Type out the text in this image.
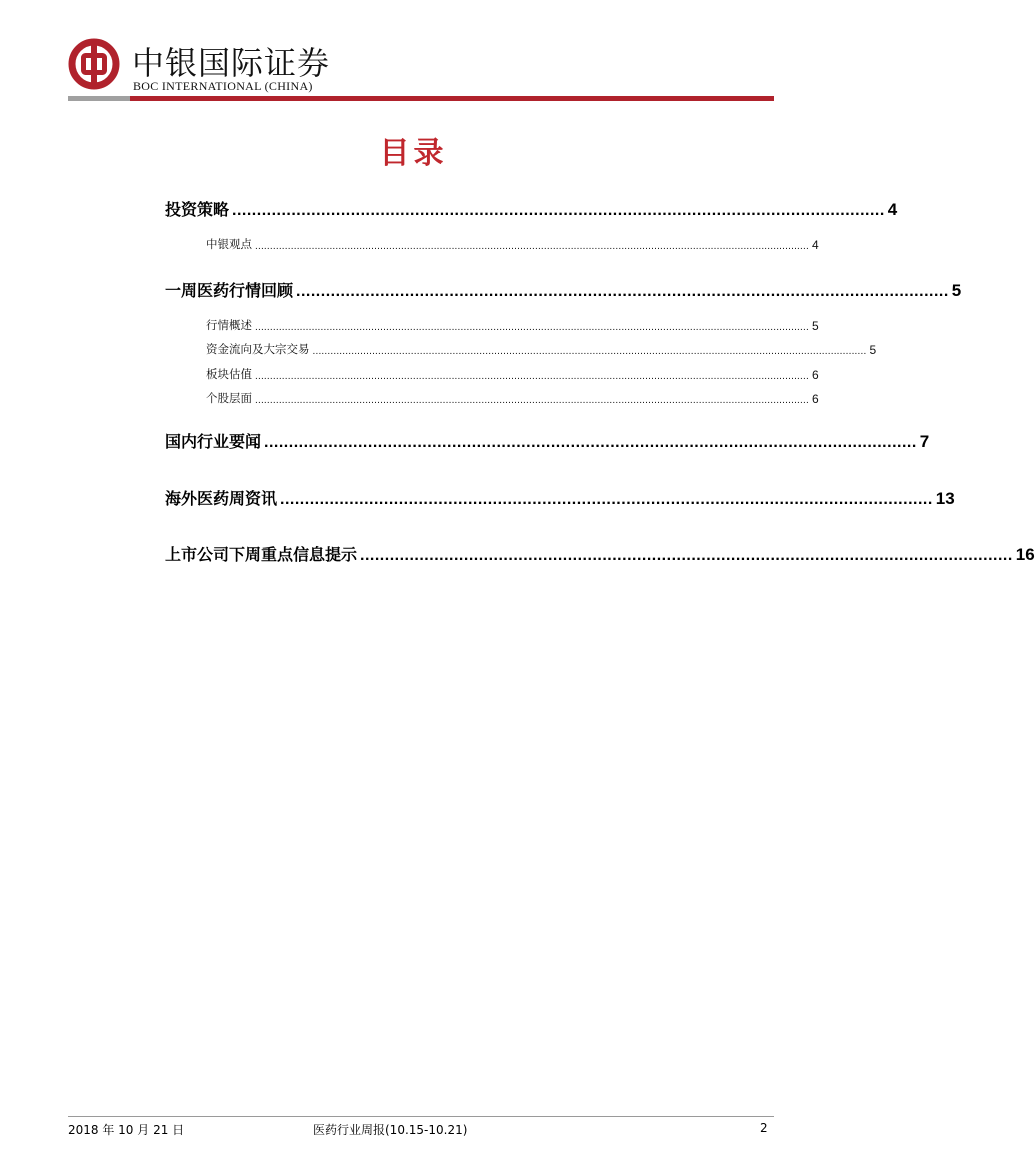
中银国际证券
BOC INTERNATIONAL (CHINA)
目录
投资策略 .................................................................................................................................... 4
中银观点 .......................................................................................................................................................................................... 4
一周医药行情回顾 .................................................................................................................................... 5
行情概述 .......................................................................................................................................................................................... 5
资金流向及大宗交易 .......................................................................................................................................................................................... 5
板块估值 .......................................................................................................................................................................................... 6
个股层面 .......................................................................................................................................................................................... 6
国内行业要闻 .................................................................................................................................... 7
海外医药周资讯 .................................................................................................................................... 13
上市公司下周重点信息提示 .................................................................................................................................... 16
2018 年 10 月 21 日	医药行业周报(10.15-10.21)	2
